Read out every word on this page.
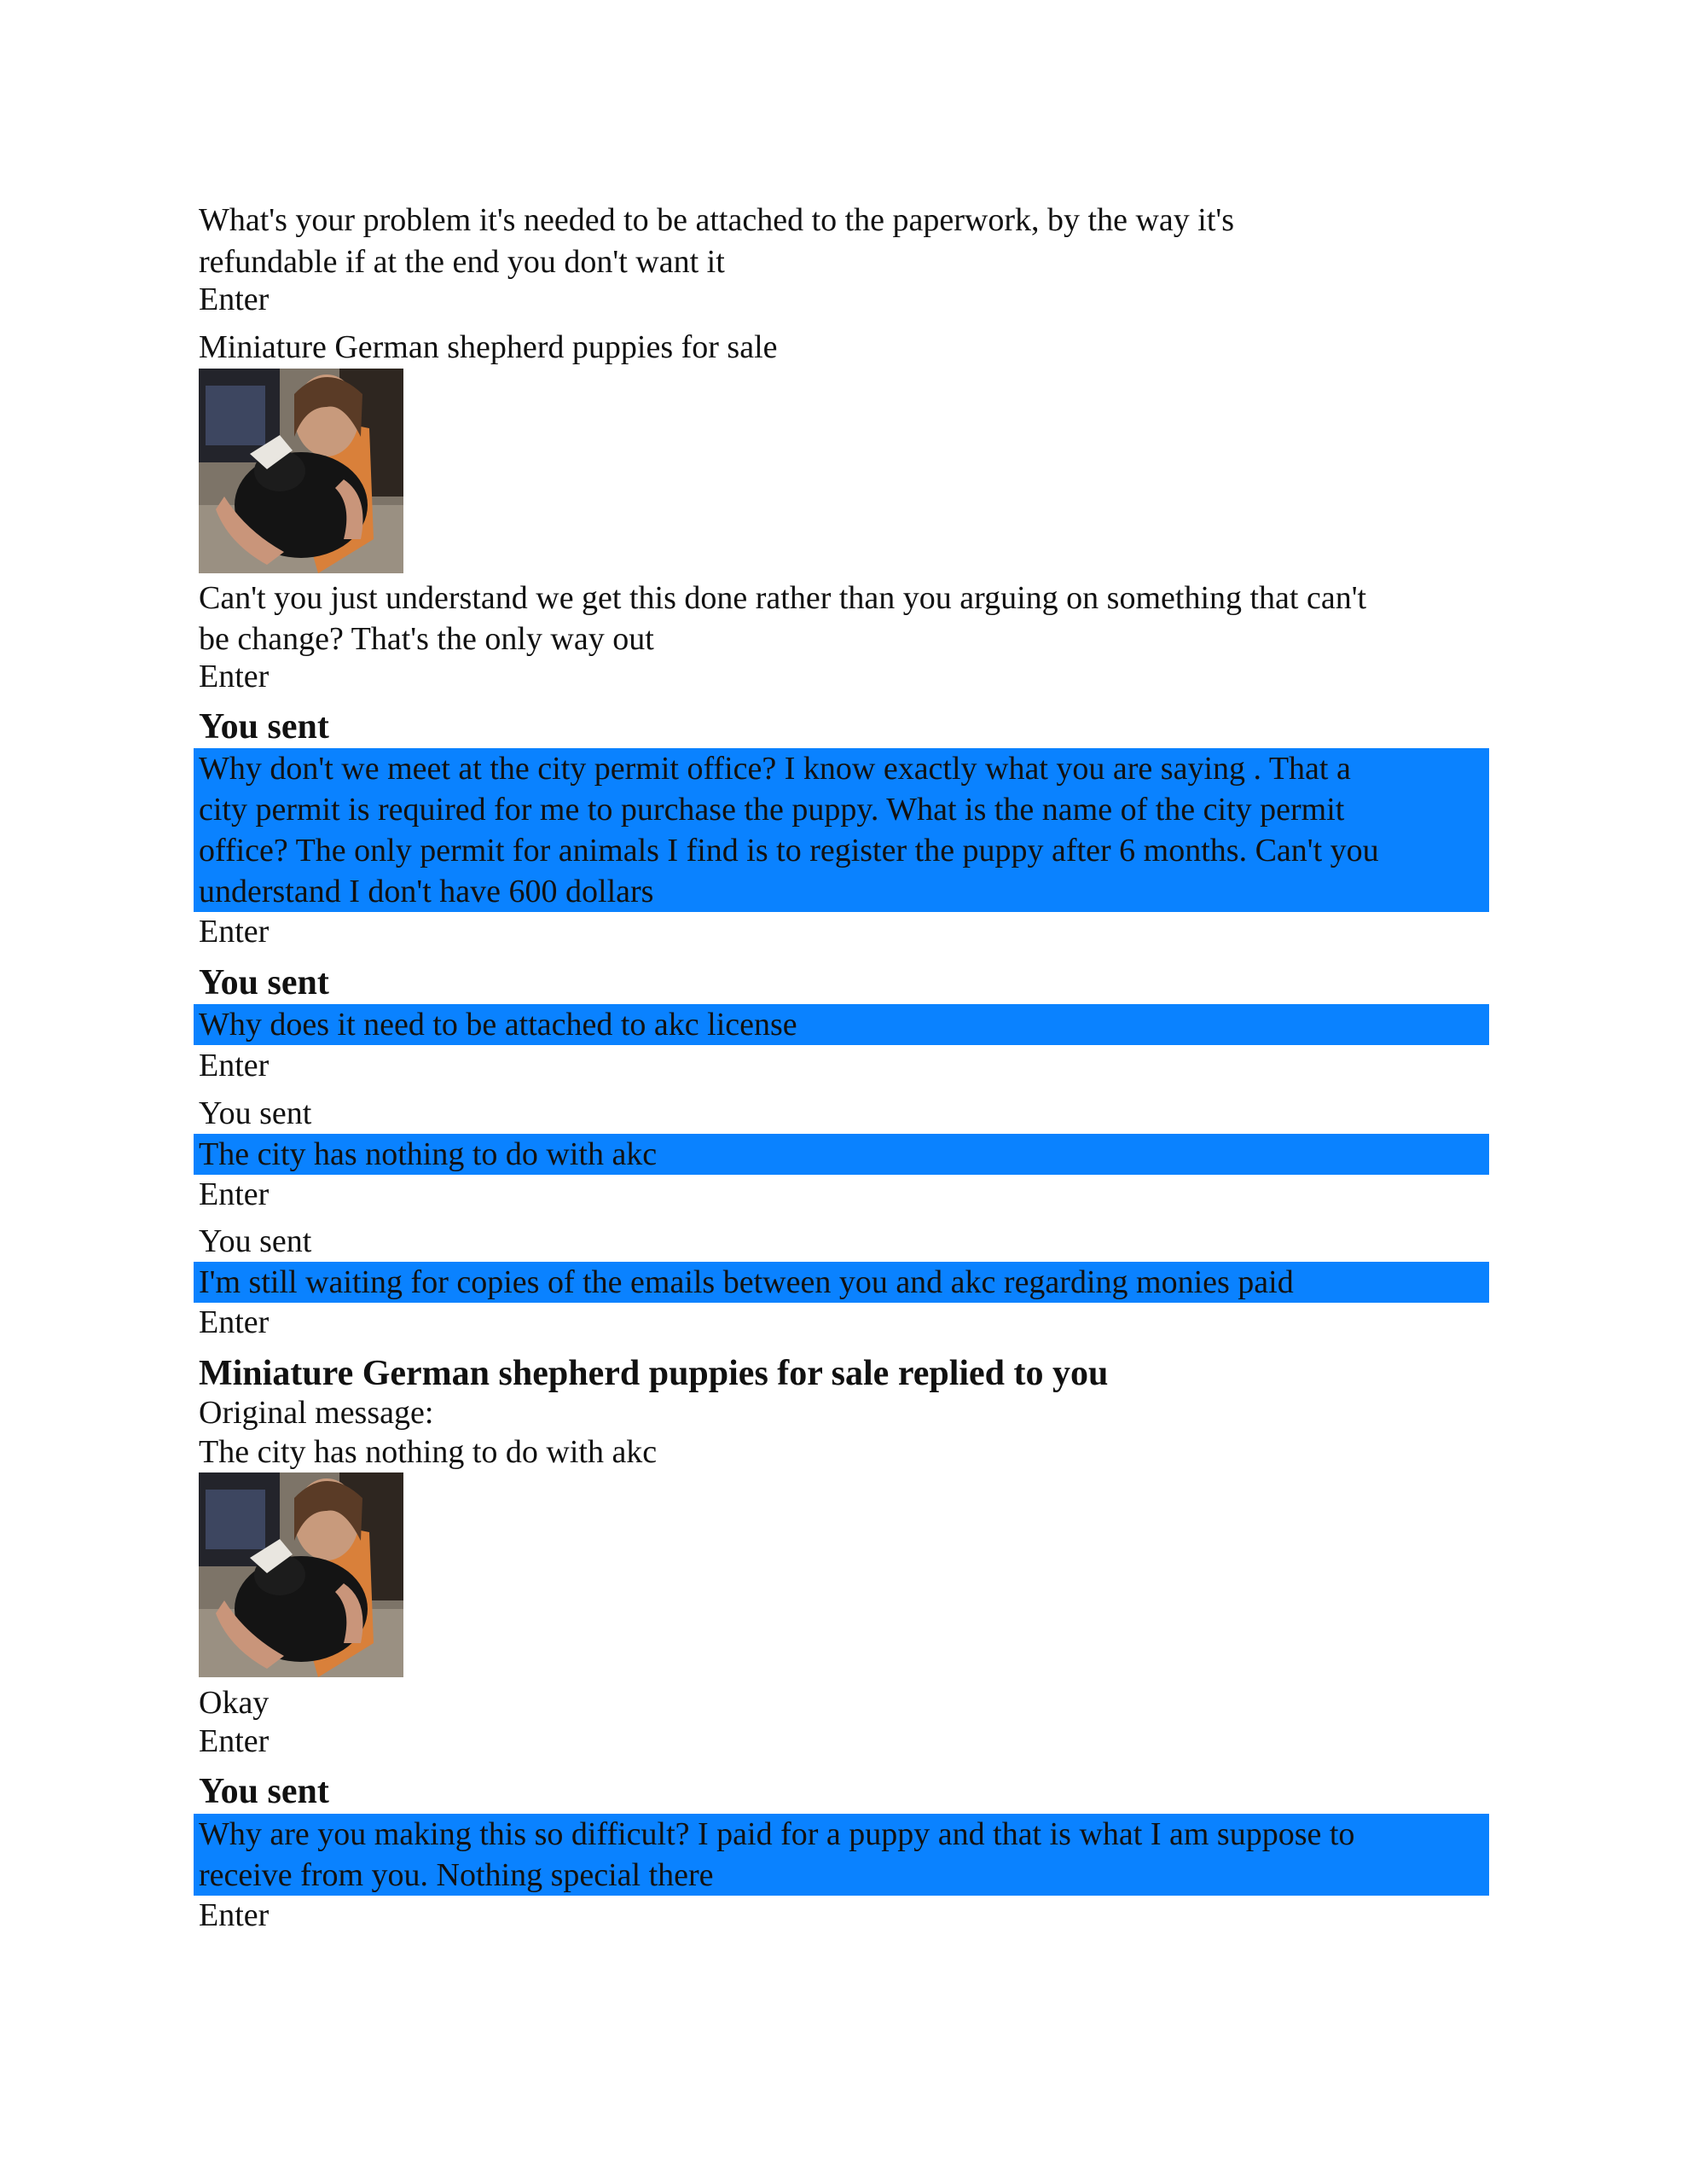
What's your problem it's needed to be attached to the paperwork, by the way it's
refundable if at the end you don't want it
Enter
Miniature German shepherd puppies for sale
Can't you just understand we get this done rather than you arguing on something that can't
be change? That's the only way out
Enter
You sent
Why don't we meet at the city permit office? I know exactly what you are saying . That a
city permit is required for me to purchase the puppy. What is the name of the city permit
office? The only permit for animals I find is to register the puppy after 6 months. Can't you
understand I don't have 600 dollars
Enter
You sent
Why does it need to be attached to akc license
Enter
You sent
The city has nothing to do with akc
Enter
You sent
I'm still waiting for copies of the emails between you and akc regarding monies paid
Enter
Miniature German shepherd puppies for sale replied to you
Original message:
The city has nothing to do with akc
Okay
Enter
You sent
Why are you making this so difficult? I paid for a puppy and that is what I am suppose to
receive from you. Nothing special there
Enter
